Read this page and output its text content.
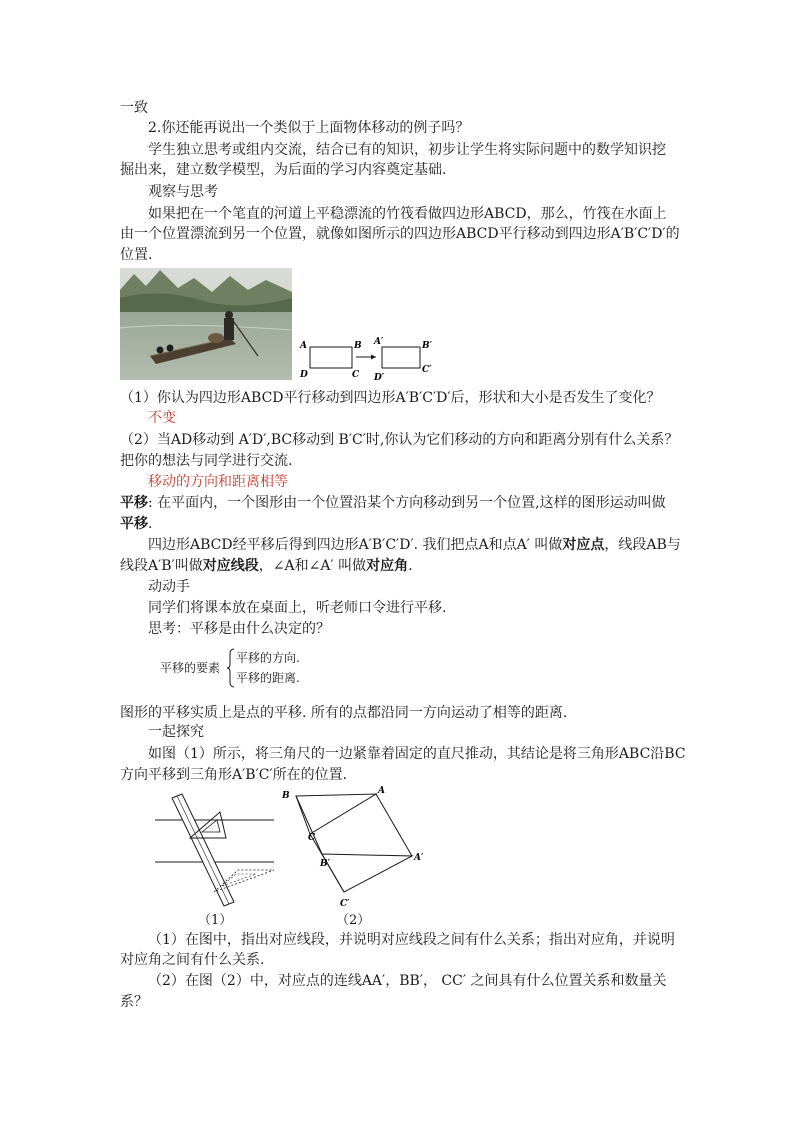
一致
2.你还能再说出一个类似于上面物体移动的例子吗？
学生独立思考或组内交流，结合已有的知识，初步让学生将实际问题中的数学知识挖
掘出来，建立数学模型，为后面的学习内容奠定基础.
观察与思考
如果把在一个笔直的河道上平稳漂流的竹筏看做四边形ABCD，那么，竹筏在水面上
由一个位置漂流到另一个位置，就像如图所示的四边形ABCD平行移动到四边形A′B′C′D′的
位置.
A	B
D	C
A′	B′
D′
C′
（1）你认为四边形ABCD平行移动到四边形A′B′C′D′后，形状和大小是否发生了变化？
不变
（2）当AD移动到 A′D′,BC移动到 B′C′时,你认为它们移动的方向和距离分别有什么关系？
把你的想法与同学进行交流.
移动的方向和距离相等
平移: 在平面内，一个图形由一个位置沿某个方向移动到另一个位置,这样的图形运动叫做
平移.
四边形ABCD经平移后得到四边形A′B′C′D′. 我们把点A和点A′ 叫做对应点，线段AB与
线段A′B′叫做对应线段，∠A和∠A′ 叫做对应角.
动动手
同学们将课本放在桌面上，听老师口令进行平移.
思考：平移是由什么决定的？
平移的要素
平移的方向.
平移的距离.
图形的平移实质上是点的平移. 所有的点都沿同一方向运动了相等的距离.
一起探究
如图（1）所示，将三角尺的一边紧靠着固定的直尺推动，其结论是将三角形ABC沿BC
方向平移到三角形A′B′C′所在的位置.
B	A
C
B′
A′
C′
（1）	（2）
（1）在图中，指出对应线段，并说明对应线段之间有什么关系；指出对应角，并说明
对应角之间有什么关系.
（2）在图（2）中，对应点的连线AA′，BB′， CC′ 之间具有什么位置关系和数量关
系？
